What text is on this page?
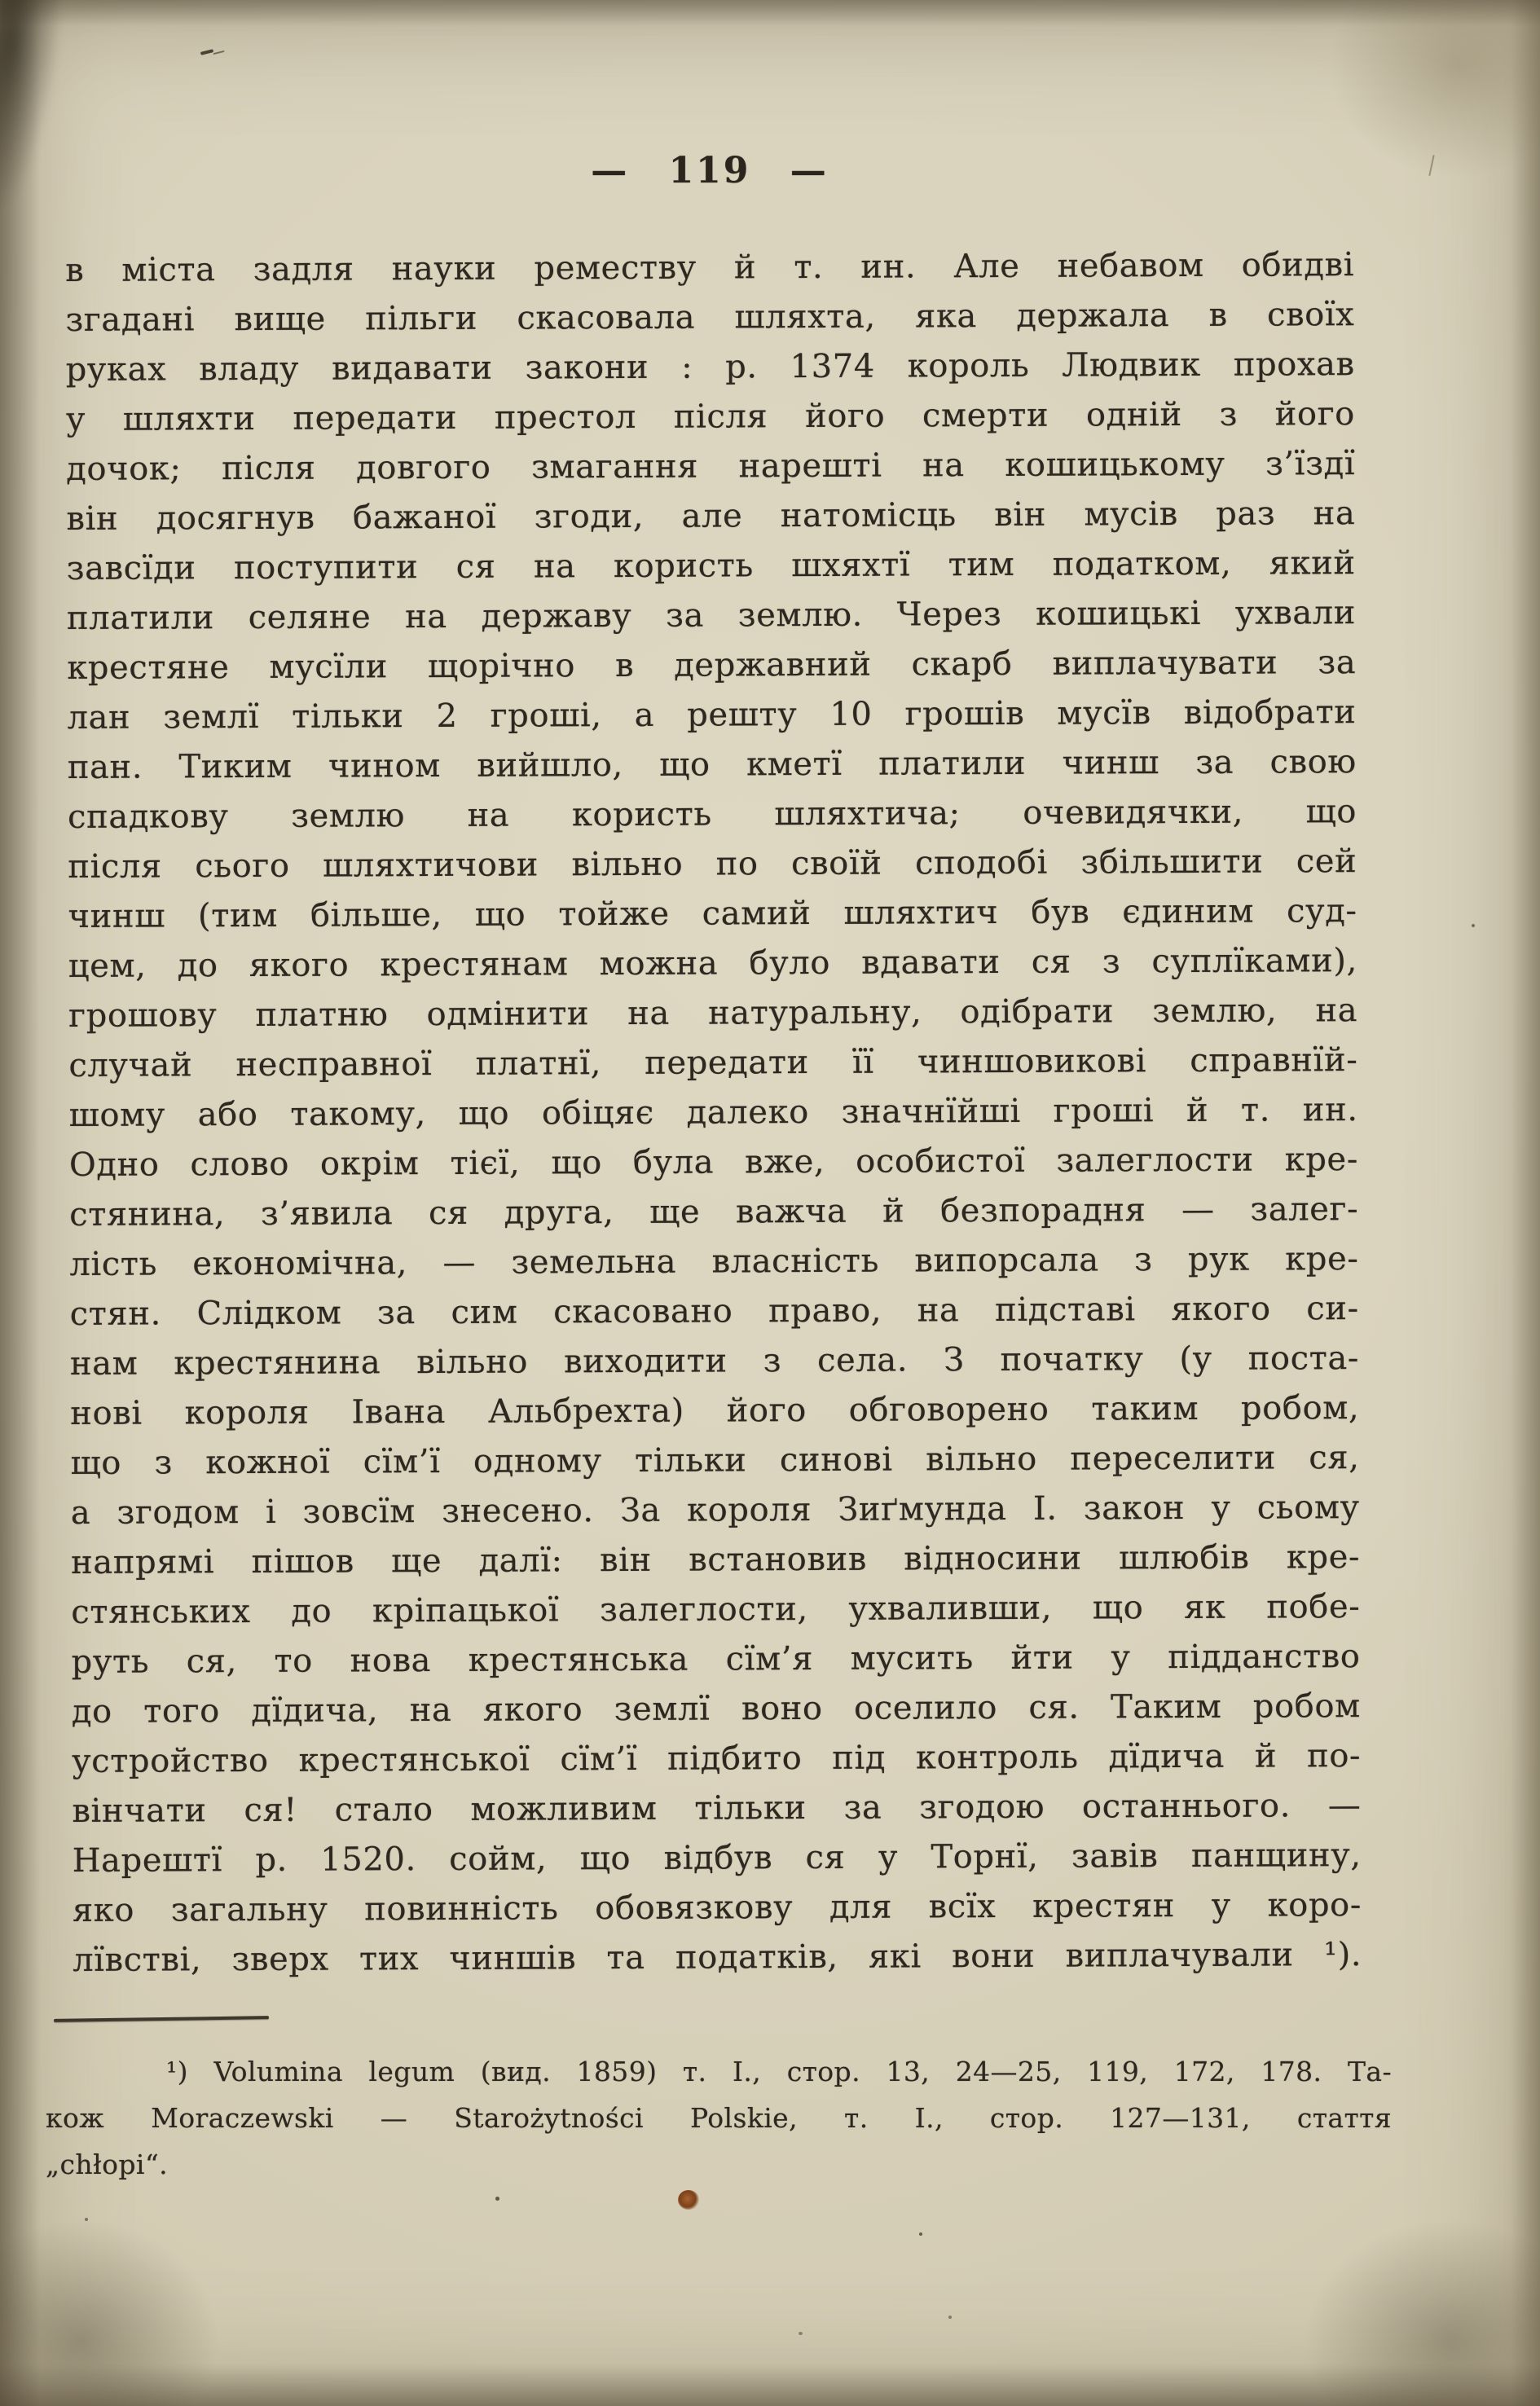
— 119 —
в міста задля науки реместву й т. ин. Але небавом обидві
згадані вище пільги скасовала шляхта, яка держала в своїх
руках владу видавати закони : р. 1374 король Людвик прохав
у шляхти передати престол після його смерти одній з його
дочок; після довгого змагання нарешті на кошицькому з’їздї
він досягнув бажаної згоди, але натомісць він мусів раз на
завсїди поступити ся на користь шхяхтї тим податком, який
платили селяне на державу за землю. Через кошицькі ухвали
крестяне мусїли щорічно в державний скарб виплачувати за
лан землї тільки 2 гроші, а решту 10 грошів мусїв відобрати
пан. Тиким чином вийшло, що кметї платили чинш за свою
спадкову землю на користь шляхтича; очевидячки, що
після сього шляхтичови вільно по своїй сподобі збільшити сей
чинш (тим більше, що тойже самий шляхтич був єдиним суд-
цем, до якого крестянам можна було вдавати ся з суплїками),
грошову платню одмінити на натуральну, одібрати землю, на
случай несправної платнї, передати її чиншовикові справнїй-
шому або такому, що обіцяє далеко значнїйші гроші й т. ин.
Одно слово окрім тієї, що була вже, особистої залеглости кре-
стянина, з’явила ся друга, ще важча й безпорадня — залег-
лість економічна, — земельна власність випорсала з рук кре-
стян. Слідком за сим скасовано право, на підставі якого си-
нам крестянина вільно виходити з села. З початку (у поста-
нові короля Івана Альбрехта) його обговорено таким робом,
що з кожної сїм’ї одному тільки синові вільно переселити ся,
а згодом і зовсїм знесено. За короля Зиґмунда І. закон у сьому
напрямі пішов ще далї: він встановив відносини шлюбів кре-
стянських до кріпацької залеглости, ухваливши, що як побе-
руть ся, то нова крестянська сїм’я мусить йти у підданство
до того дїдича, на якого землї воно оселило ся. Таким робом
устройство крестянської сїм’ї підбито під контроль дїдича й по-
вінчати ся! стало можливим тільки за згодою останнього. —
Нарештї р. 1520. сойм, що відбув ся у Торнї, завів панщину,
яко загальну повинність обовязкову для всїх крестян у коро-
лївстві, зверх тих чиншів та податків, які вони виплачували ¹).
¹) Volumina legum (вид. 1859) т. І., стор. 13, 24—25, 119, 172, 178. Та-
кож Moraczewski — Starożytności Polskie, т. І., стор. 127—131, стаття
„chłopi“.
